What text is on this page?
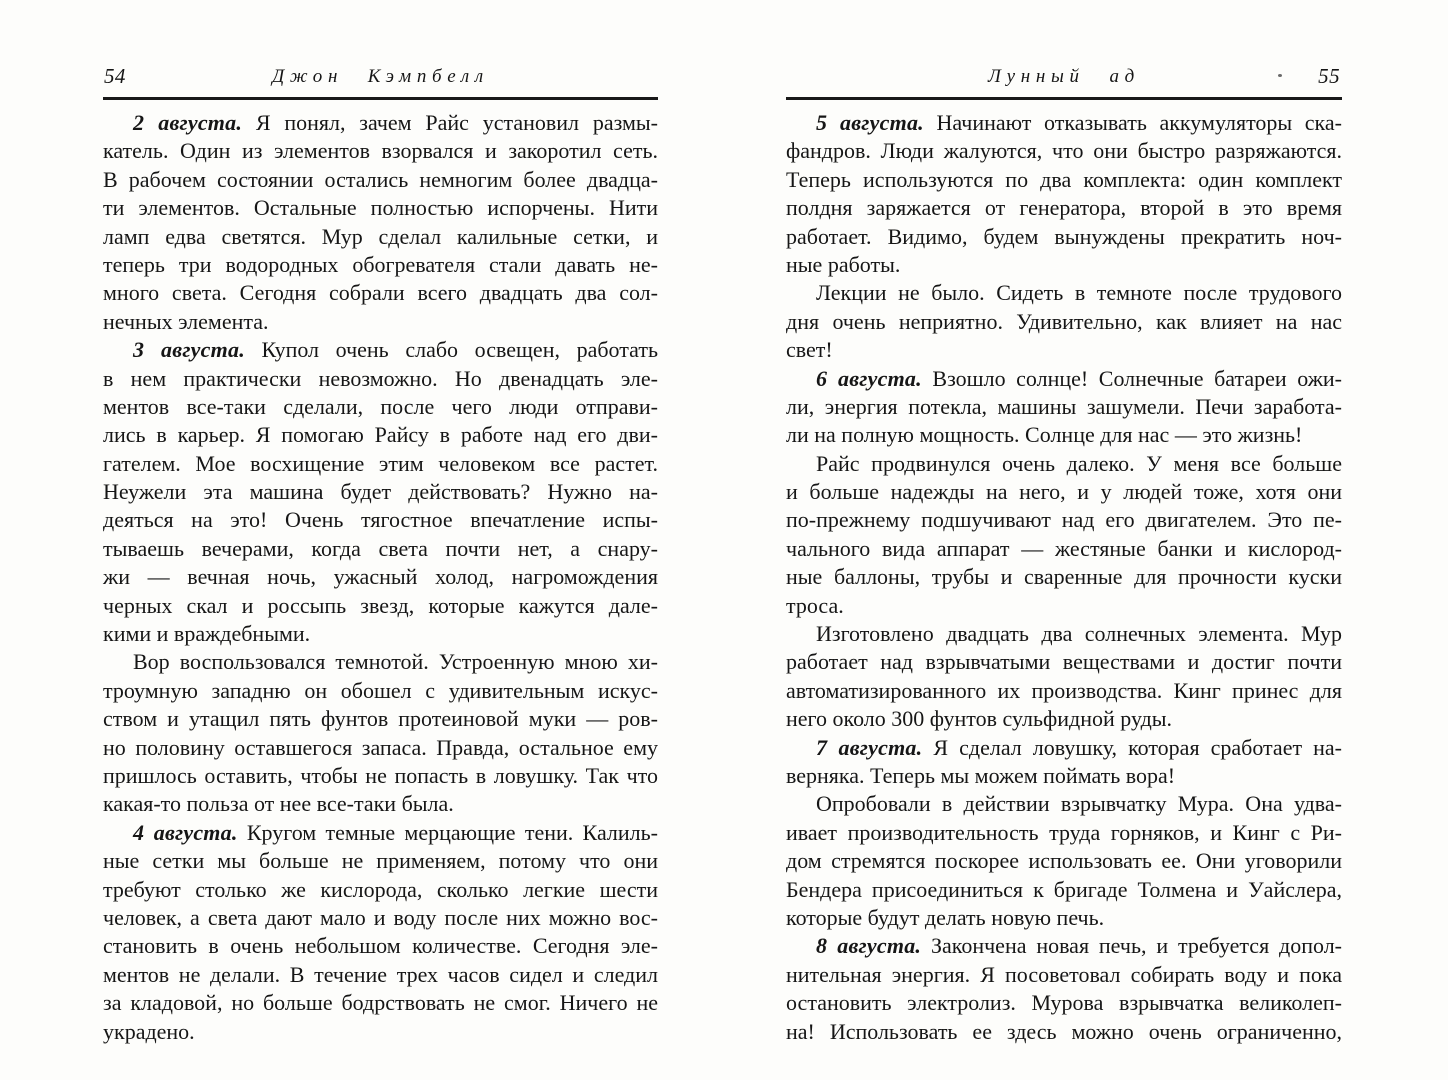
54	Джон Кэмпбелл
2 августа. Я понял, зачем Райс установил размы-
катель. Один из элементов взорвался и закоротил сеть.
В рабочем состоянии остались немногим более двадца-
ти элементов. Остальные полностью испорчены. Нити
ламп едва светятся. Мур сделал калильные сетки, и
теперь три водородных обогревателя стали давать не-
много света. Сегодня собрали всего двадцать два сол-
нечных элемента.
3 августа. Купол очень слабо освещен, работать
в нем практически невозможно. Но двенадцать эле-
ментов все-таки сделали, после чего люди отправи-
лись в карьер. Я помогаю Райсу в работе над его дви-
гателем. Мое восхищение этим человеком все растет.
Неужели эта машина будет действовать? Нужно на-
деяться на это! Очень тягостное впечатление испы-
тываешь вечерами, когда света почти нет, а снару-
жи — вечная ночь, ужасный холод, нагромождения
черных скал и россыпь звезд, которые кажутся дале-
кими и враждебными.
Вор воспользовался темнотой. Устроенную мною хи-
троумную западню он обошел с удивительным искус-
ством и утащил пять фунтов протеиновой муки — ров-
но половину оставшегося запаса. Правда, остальное ему
пришлось оставить, чтобы не попасть в ловушку. Так что
какая-то польза от нее все-таки была.
4 августа. Кругом темные мерцающие тени. Калиль-
ные сетки мы больше не применяем, потому что они
требуют столько же кислорода, сколько легкие шести
человек, а света дают мало и воду после них можно вос-
становить в очень небольшом количестве. Сегодня эле-
ментов не делали. В течение трех часов сидел и следил
за кладовой, но больше бодрствовать не смог. Ничего не
украдено.
Лунный ад	55
5 августа. Начинают отказывать аккумуляторы ска-
фандров. Люди жалуются, что они быстро разряжаются.
Теперь используются по два комплекта: один комплект
полдня заряжается от генератора, второй в это время
работает. Видимо, будем вынуждены прекратить ноч-
ные работы.
Лекции не было. Сидеть в темноте после трудового
дня очень неприятно. Удивительно, как влияет на нас
свет!
6 августа. Взошло солнце! Солнечные батареи ожи-
ли, энергия потекла, машины зашумели. Печи заработа-
ли на полную мощность. Солнце для нас — это жизнь!
Райс продвинулся очень далеко. У меня все больше
и больше надежды на него, и у людей тоже, хотя они
по-прежнему подшучивают над его двигателем. Это пе-
чального вида аппарат — жестяные банки и кислород-
ные баллоны, трубы и сваренные для прочности куски
троса.
Изготовлено двадцать два солнечных элемента. Мур
работает над взрывчатыми веществами и достиг почти
автоматизированного их производства. Кинг принес для
него около 300 фунтов сульфидной руды.
7 августа. Я сделал ловушку, которая сработает на-
верняка. Теперь мы можем поймать вора!
Опробовали в действии взрывчатку Мура. Она удва-
ивает производительность труда горняков, и Кинг с Ри-
дом стремятся поскорее использовать ее. Они уговорили
Бендера присоединиться к бригаде Толмена и Уайслера,
которые будут делать новую печь.
8 августа. Закончена новая печь, и требуется допол-
нительная энергия. Я посоветовал собирать воду и пока
остановить электролиз. Мурова взрывчатка великолеп-
на! Использовать ее здесь можно очень ограниченно,
